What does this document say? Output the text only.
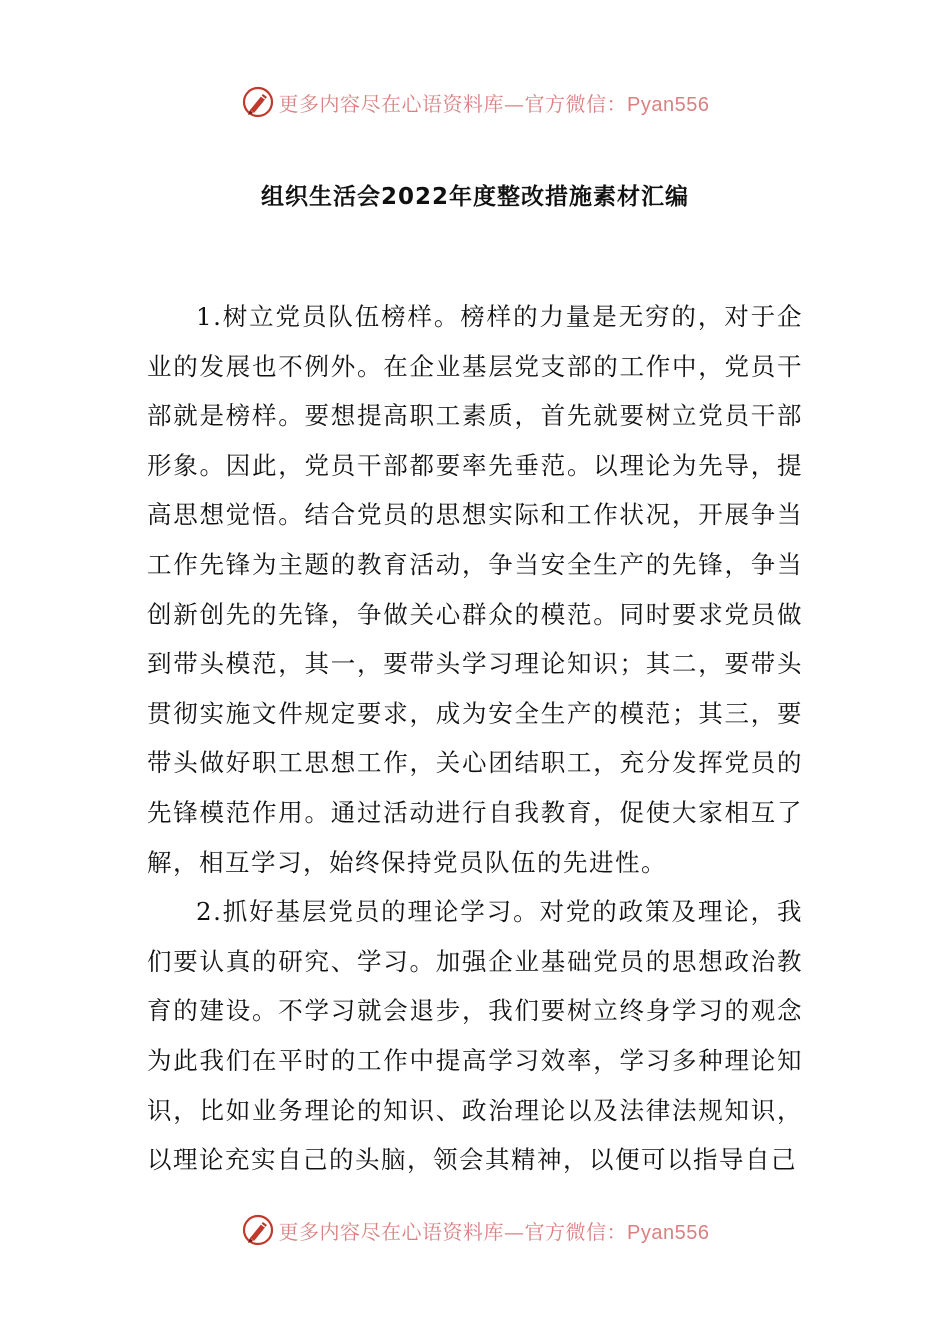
更多内容尽在心语资料库—官方微信：Pyan556
组织生活会2022年度整改措施素材汇编

1.树立党员队伍榜样。榜样的力量是无穷的，对于企业的发展也不例外。在企业基层党支部的工作中，党员干部就是榜样。要想提高职工素质，首先就要树立党员干部形象。因此，党员干部都要率先垂范。以理论为先导，提高思想觉悟。结合党员的思想实际和工作状况，开展争当工作先锋为主题的教育活动，争当安全生产的先锋，争当创新创先的先锋，争做关心群众的模范。同时要求党员做到带头模范，其一，要带头学习理论知识；其二，要带头贯彻实施文件规定要求，成为安全生产的模范；其三，要带头做好职工思想工作，关心团结职工，充分发挥党员的先锋模范作用。通过活动进行自我教育，促使大家相互了解，相互学习，始终保持党员队伍的先进性。

2.抓好基层党员的理论学习。对党的政策及理论，我们要认真的研究、学习。加强企业基础党员的思想政治教育的建设。不学习就会退步，我们要树立终身学习的观念为此我们在平时的工作中提高学习效率，学习多种理论知识，比如业务理论的知识、政治理论以及法律法规知识，以理论充实自己的头脑，领会其精神，以便可以指导自己

更多内容尽在心语资料库—官方微信：Pyan556
